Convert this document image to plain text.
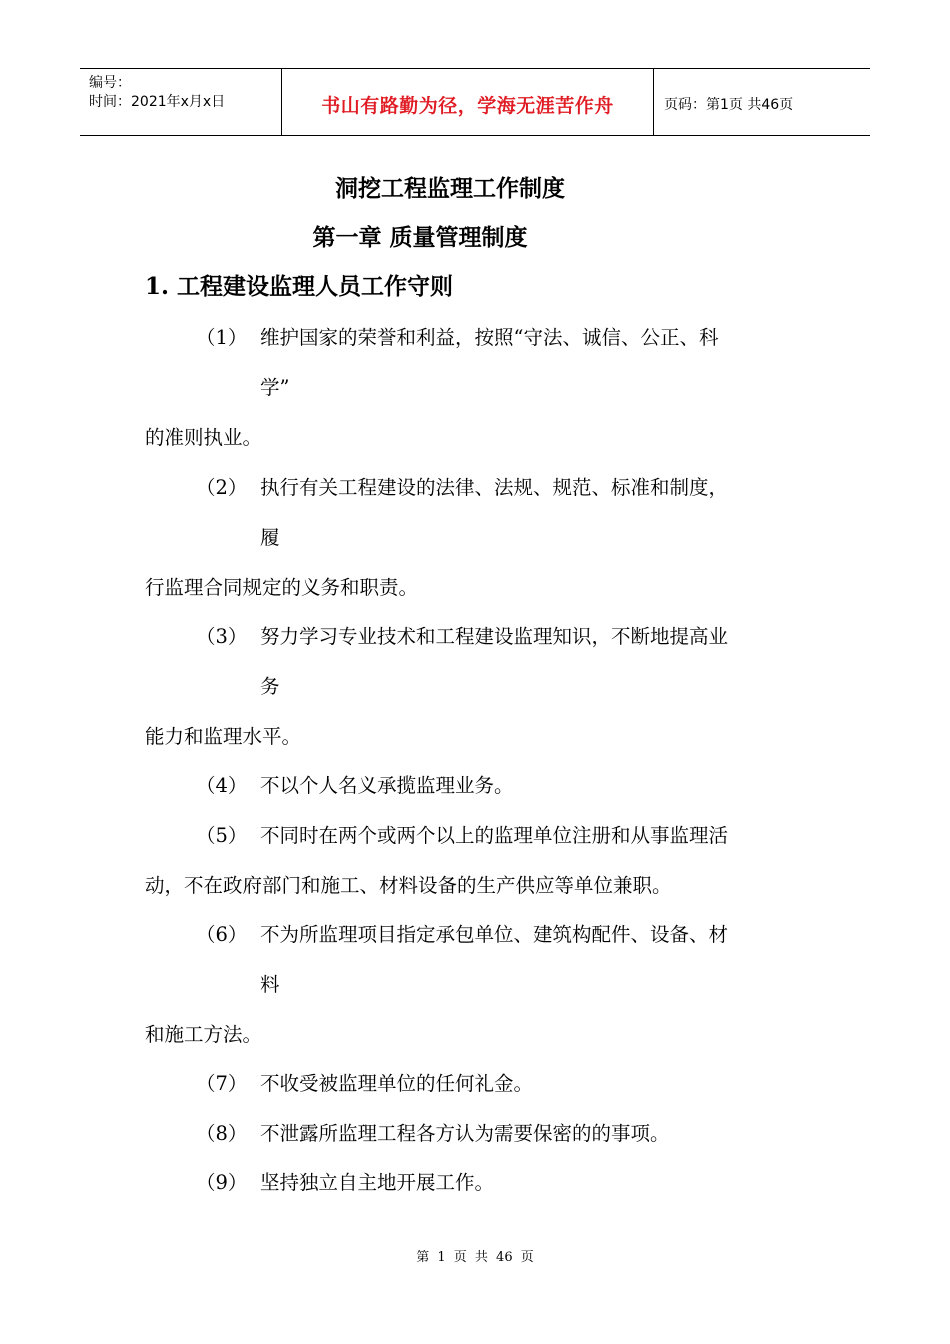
编号：
时间：2021年x月x日	书山有路勤为径，学海无涯苦作舟	页码：第1页 共46页
洞挖工程监理工作制度
第一章 质量管理制度
1. 工程建设监理人员工作守则
（1） 维护国家的荣誉和利益，按照“守法、诚信、公正、科
学”
的准则执业。
（2） 执行有关工程建设的法律、法规、规范、标准和制度，
履
行监理合同规定的义务和职责。
（3） 努力学习专业技术和工程建设监理知识，不断地提高业
务
能力和监理水平。
（4） 不以个人名义承揽监理业务。
（5） 不同时在两个或两个以上的监理单位注册和从事监理活
动，不在政府部门和施工、材料设备的生产供应等单位兼职。
（6） 不为所监理项目指定承包单位、建筑构配件、设备、材
料
和施工方法。
（7） 不收受被监理单位的任何礼金。
（8） 不泄露所监理工程各方认为需要保密的的事项。
（9） 坚持独立自主地开展工作。
第 1 页 共 46 页
